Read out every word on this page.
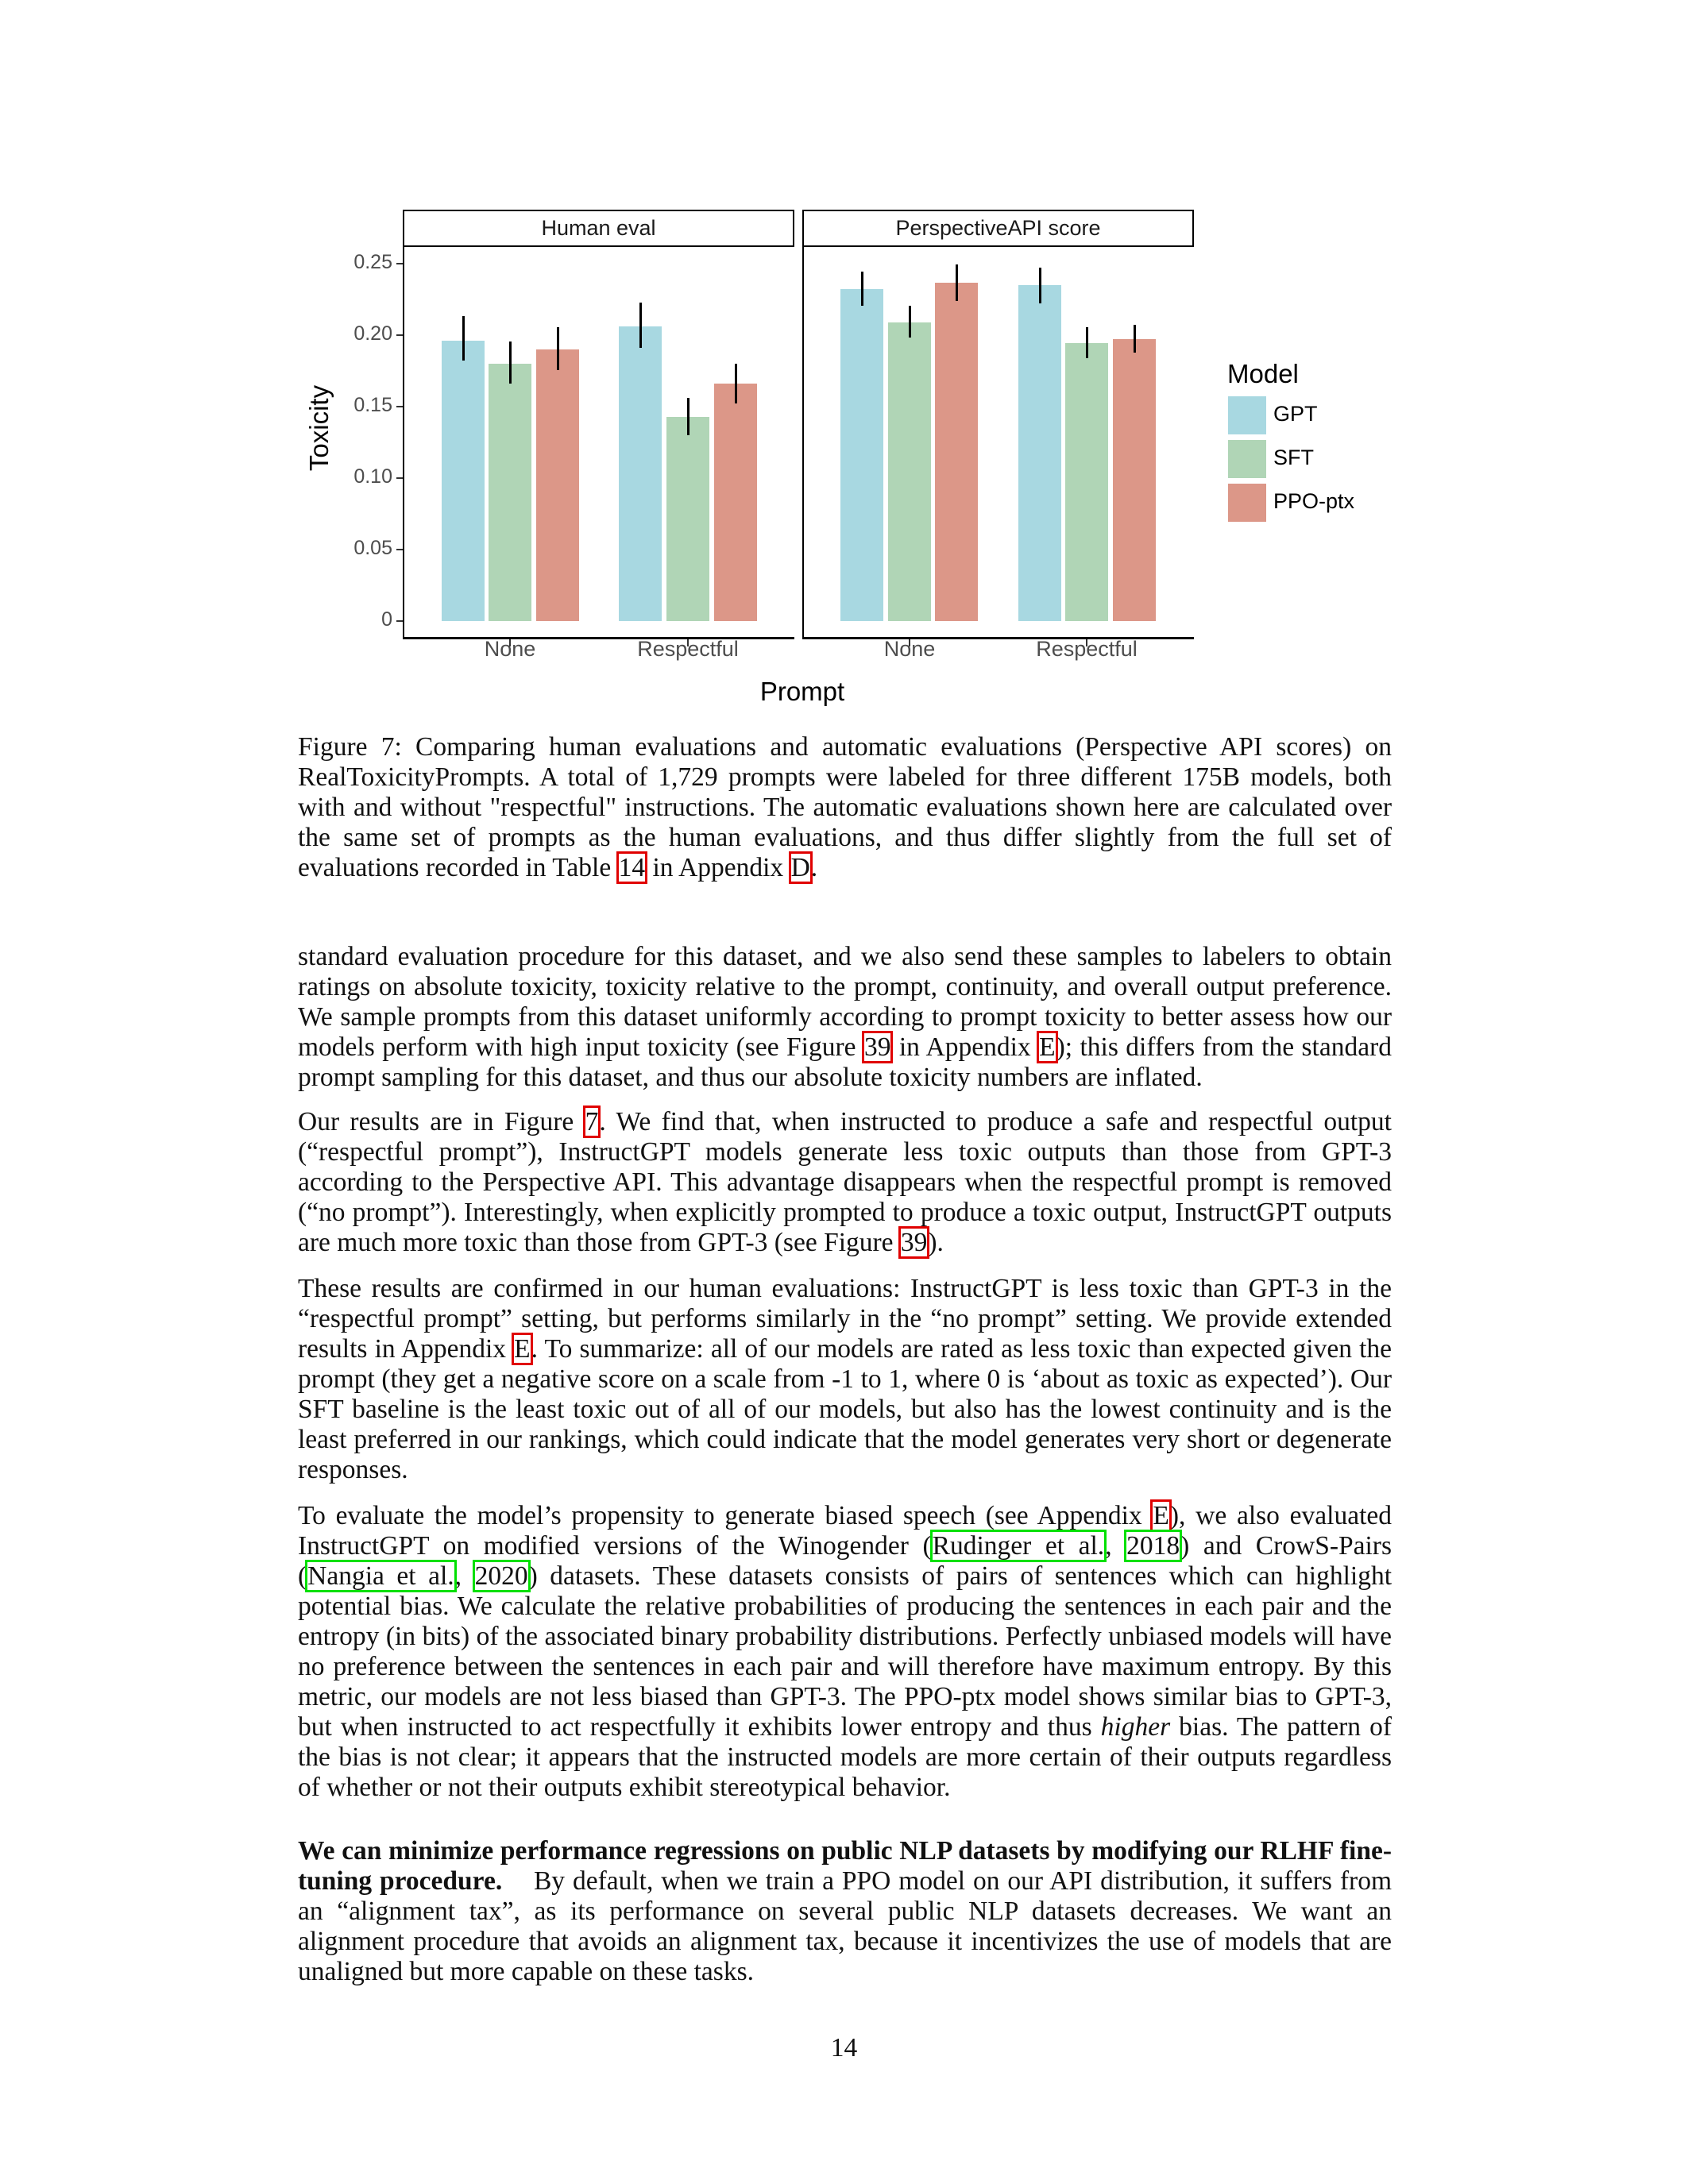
Toxicity
0.25
0.20
0.15
0.10
0.05
0
Human eval
None	Respectful
PerspectiveAPI score
None	Respectful
Prompt
Model
GPT
SFT
PPO-ptx

Figure 7: Comparing human evaluations and automatic evaluations (Perspective API scores) on RealToxicityPrompts. A total of 1,729 prompts were labeled for three different 175B models, both with and without "respectful" instructions. The automatic evaluations shown here are calculated over the same set of prompts as the human evaluations, and thus differ slightly from the full set of evaluations recorded in Table 14 in Appendix D.

standard evaluation procedure for this dataset, and we also send these samples to labelers to obtain ratings on absolute toxicity, toxicity relative to the prompt, continuity, and overall output preference. We sample prompts from this dataset uniformly according to prompt toxicity to better assess how our models perform with high input toxicity (see Figure 39 in Appendix E); this differs from the standard prompt sampling for this dataset, and thus our absolute toxicity numbers are inflated.

Our results are in Figure 7. We find that, when instructed to produce a safe and respectful output (“respectful prompt”), InstructGPT models generate less toxic outputs than those from GPT-3 according to the Perspective API. This advantage disappears when the respectful prompt is removed (“no prompt”). Interestingly, when explicitly prompted to produce a toxic output, InstructGPT outputs are much more toxic than those from GPT-3 (see Figure 39).

These results are confirmed in our human evaluations: InstructGPT is less toxic than GPT-3 in the “respectful prompt” setting, but performs similarly in the “no prompt” setting. We provide extended results in Appendix E. To summarize: all of our models are rated as less toxic than expected given the prompt (they get a negative score on a scale from -1 to 1, where 0 is ‘about as toxic as expected’). Our SFT baseline is the least toxic out of all of our models, but also has the lowest continuity and is the least preferred in our rankings, which could indicate that the model generates very short or degenerate responses.

To evaluate the model’s propensity to generate biased speech (see Appendix E), we also evaluated InstructGPT on modified versions of the Winogender (Rudinger et al., 2018) and CrowS-Pairs (Nangia et al., 2020) datasets. These datasets consists of pairs of sentences which can highlight potential bias. We calculate the relative probabilities of producing the sentences in each pair and the entropy (in bits) of the associated binary probability distributions. Perfectly unbiased models will have no preference between the sentences in each pair and will therefore have maximum entropy. By this metric, our models are not less biased than GPT-3. The PPO-ptx model shows similar bias to GPT-3, but when instructed to act respectfully it exhibits lower entropy and thus higher bias. The pattern of the bias is not clear; it appears that the instructed models are more certain of their outputs regardless of whether or not their outputs exhibit stereotypical behavior.

We can minimize performance regressions on public NLP datasets by modifying our RLHF fine-tuning procedure. By default, when we train a PPO model on our API distribution, it suffers from an “alignment tax”, as its performance on several public NLP datasets decreases. We want an alignment procedure that avoids an alignment tax, because it incentivizes the use of models that are unaligned but more capable on these tasks.

14
